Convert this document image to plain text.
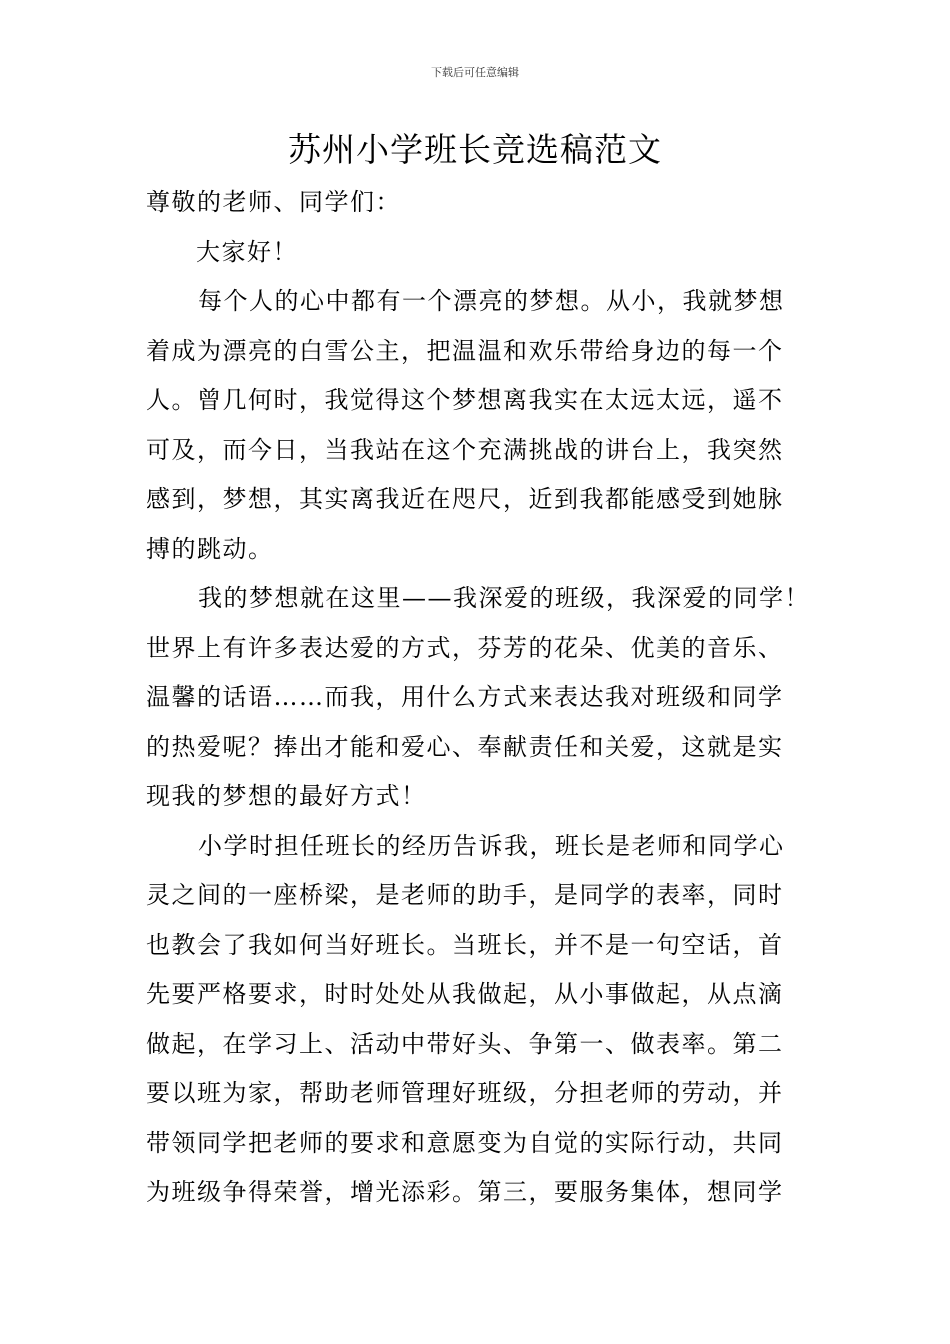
下载后可任意编辑
苏州小学班长竞选稿范文

尊敬的老师、同学们：

大家好！

每个人的心中都有一个漂亮的梦想。从小，我就梦想

着成为漂亮的白雪公主，把温温和欢乐带给身边的每一个

人。曾几何时，我觉得这个梦想离我实在太远太远，遥不

可及，而今日，当我站在这个充满挑战的讲台上，我突然

感到，梦想，其实离我近在咫尺，近到我都能感受到她脉

搏的跳动。

我的梦想就在这里——我深爱的班级，我深爱的同学！

世界上有许多表达爱的方式，芬芳的花朵、优美的音乐、

温馨的话语……而我，用什么方式来表达我对班级和同学

的热爱呢？捧出才能和爱心、奉献责任和关爱，这就是实

现我的梦想的最好方式！

小学时担任班长的经历告诉我，班长是老师和同学心

灵之间的一座桥梁，是老师的助手，是同学的表率，同时

也教会了我如何当好班长。当班长，并不是一句空话，首

先要严格要求，时时处处从我做起，从小事做起，从点滴

做起，在学习上、活动中带好头、争第一、做表率。第二

要以班为家，帮助老师管理好班级，分担老师的劳动，并

带领同学把老师的要求和意愿变为自觉的实际行动，共同

为班级争得荣誉，增光添彩。第三，要服务集体，想同学
